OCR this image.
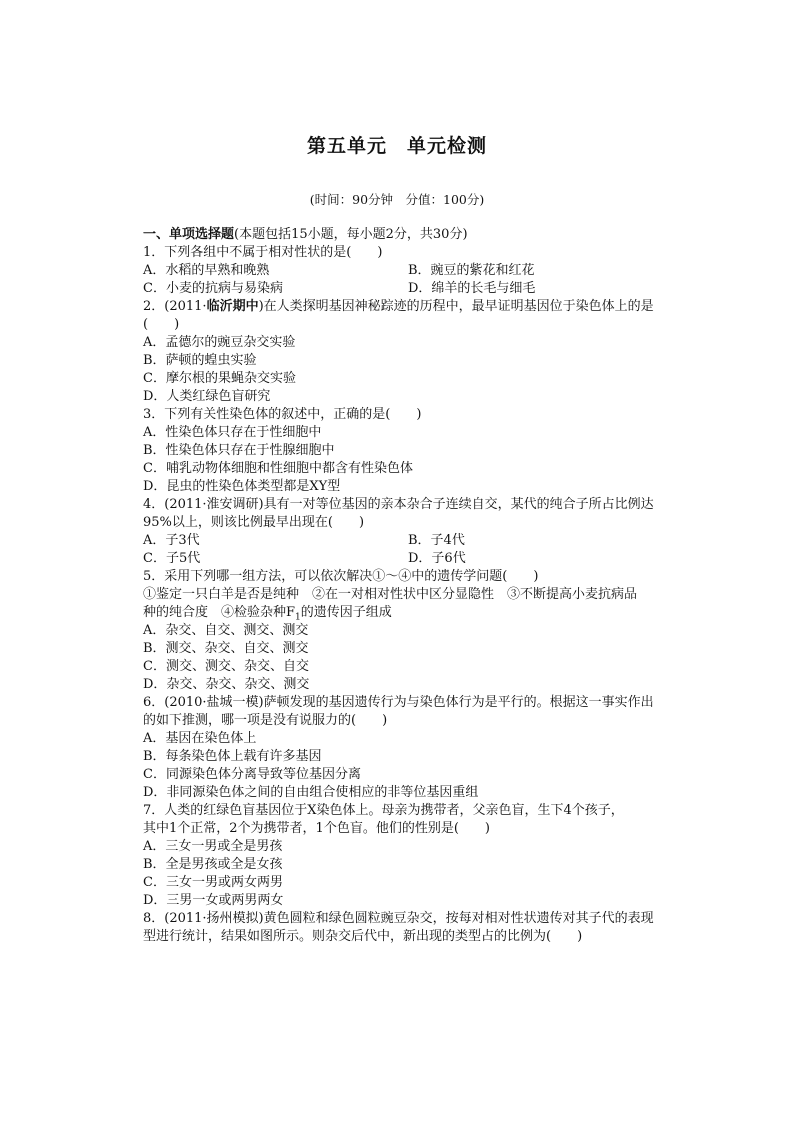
第五单元　单元检测
(时间：90分钟　分值：100分)
一、单项选择题(本题包括15小题，每小题2分，共30分)
1．下列各组中不属于相对性状的是(　　)
A．水稻的早熟和晚熟	B．豌豆的紫花和红花
C．小麦的抗病与易染病	D．绵羊的长毛与细毛
2．(2011·临沂期中)在人类探明基因神秘踪迹的历程中，最早证明基因位于染色体上的是
(　　)
A．孟德尔的豌豆杂交实验
B．萨顿的蝗虫实验
C．摩尔根的果蝇杂交实验
D．人类红绿色盲研究
3．下列有关性染色体的叙述中，正确的是(　　)
A．性染色体只存在于性细胞中
B．性染色体只存在于性腺细胞中
C．哺乳动物体细胞和性细胞中都含有性染色体
D．昆虫的性染色体类型都是XY型
4．(2011·淮安调研)具有一对等位基因的亲本杂合子连续自交，某代的纯合子所占比例达
95%以上，则该比例最早出现在(　　)
A．子3代	B．子4代
C．子5代	D．子6代
5．采用下列哪一组方法，可以依次解决①～④中的遗传学问题(　　)
①鉴定一只白羊是否是纯种　②在一对相对性状中区分显隐性　③不断提高小麦抗病品
种的纯合度　④检验杂种$F_1$的遗传因子组成
A．杂交、自交、测交、测交
B．测交、杂交、自交、测交
C．测交、测交、杂交、自交
D．杂交、杂交、杂交、测交
6．(2010·盐城一模)萨顿发现的基因遗传行为与染色体行为是平行的。根据这一事实作出
的如下推测，哪一项是没有说服力的(　　)
A．基因在染色体上
B．每条染色体上载有许多基因
C．同源染色体分离导致等位基因分离
D．非同源染色体之间的自由组合使相应的非等位基因重组
7．人类的红绿色盲基因位于X染色体上。母亲为携带者，父亲色盲，生下4个孩子，
其中1个正常，2个为携带者，1个色盲。他们的性别是(　　)
A．三女一男或全是男孩
B．全是男孩或全是女孩
C．三女一男或两女两男
D．三男一女或两男两女
8．(2011·扬州模拟)黄色圆粒和绿色圆粒豌豆杂交，按每对相对性状遗传对其子代的表现
型进行统计，结果如图所示。则杂交后代中，新出现的类型占的比例为(　　)
